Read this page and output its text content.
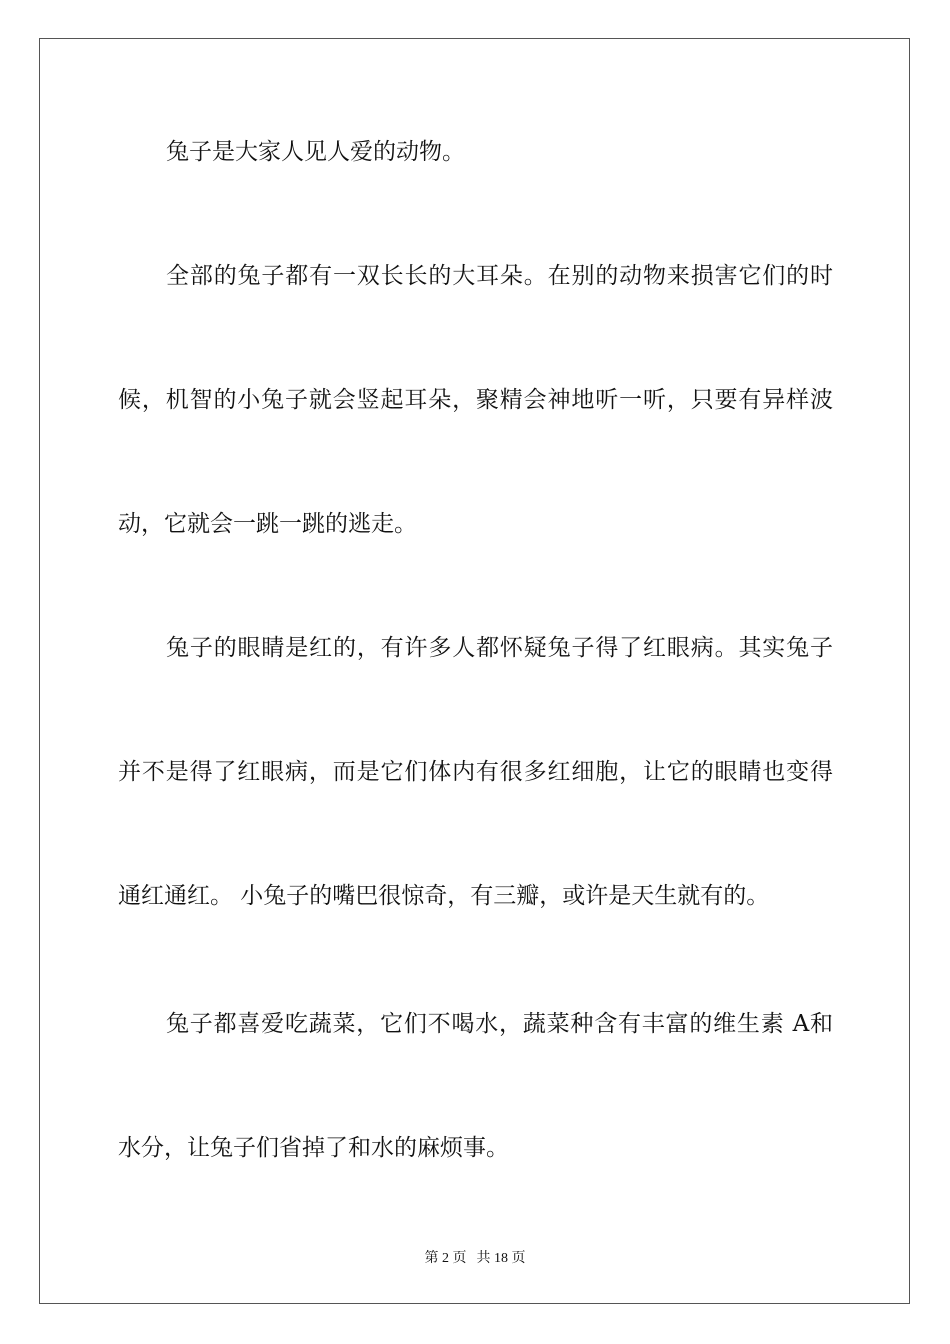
兔子是大家人见人爱的动物。
全部的兔子都有一双长长的大耳朵。在别的动物来损害它们的时
候，机智的小兔子就会竖起耳朵，聚精会神地听一听，只要有异样波
动，它就会一跳一跳的逃走。
兔子的眼睛是红的，有许多人都怀疑兔子得了红眼病。其实兔子
并不是得了红眼病，而是它们体内有很多红细胞，让它的眼睛也变得
通红通红。 小兔子的嘴巴很惊奇，有三瓣，或许是天生就有的。
兔子都喜爱吃蔬菜，它们不喝水，蔬菜种含有丰富的维生素 A和
水分，让兔子们省掉了和水的麻烦事。
第 2 页 共 18 页
